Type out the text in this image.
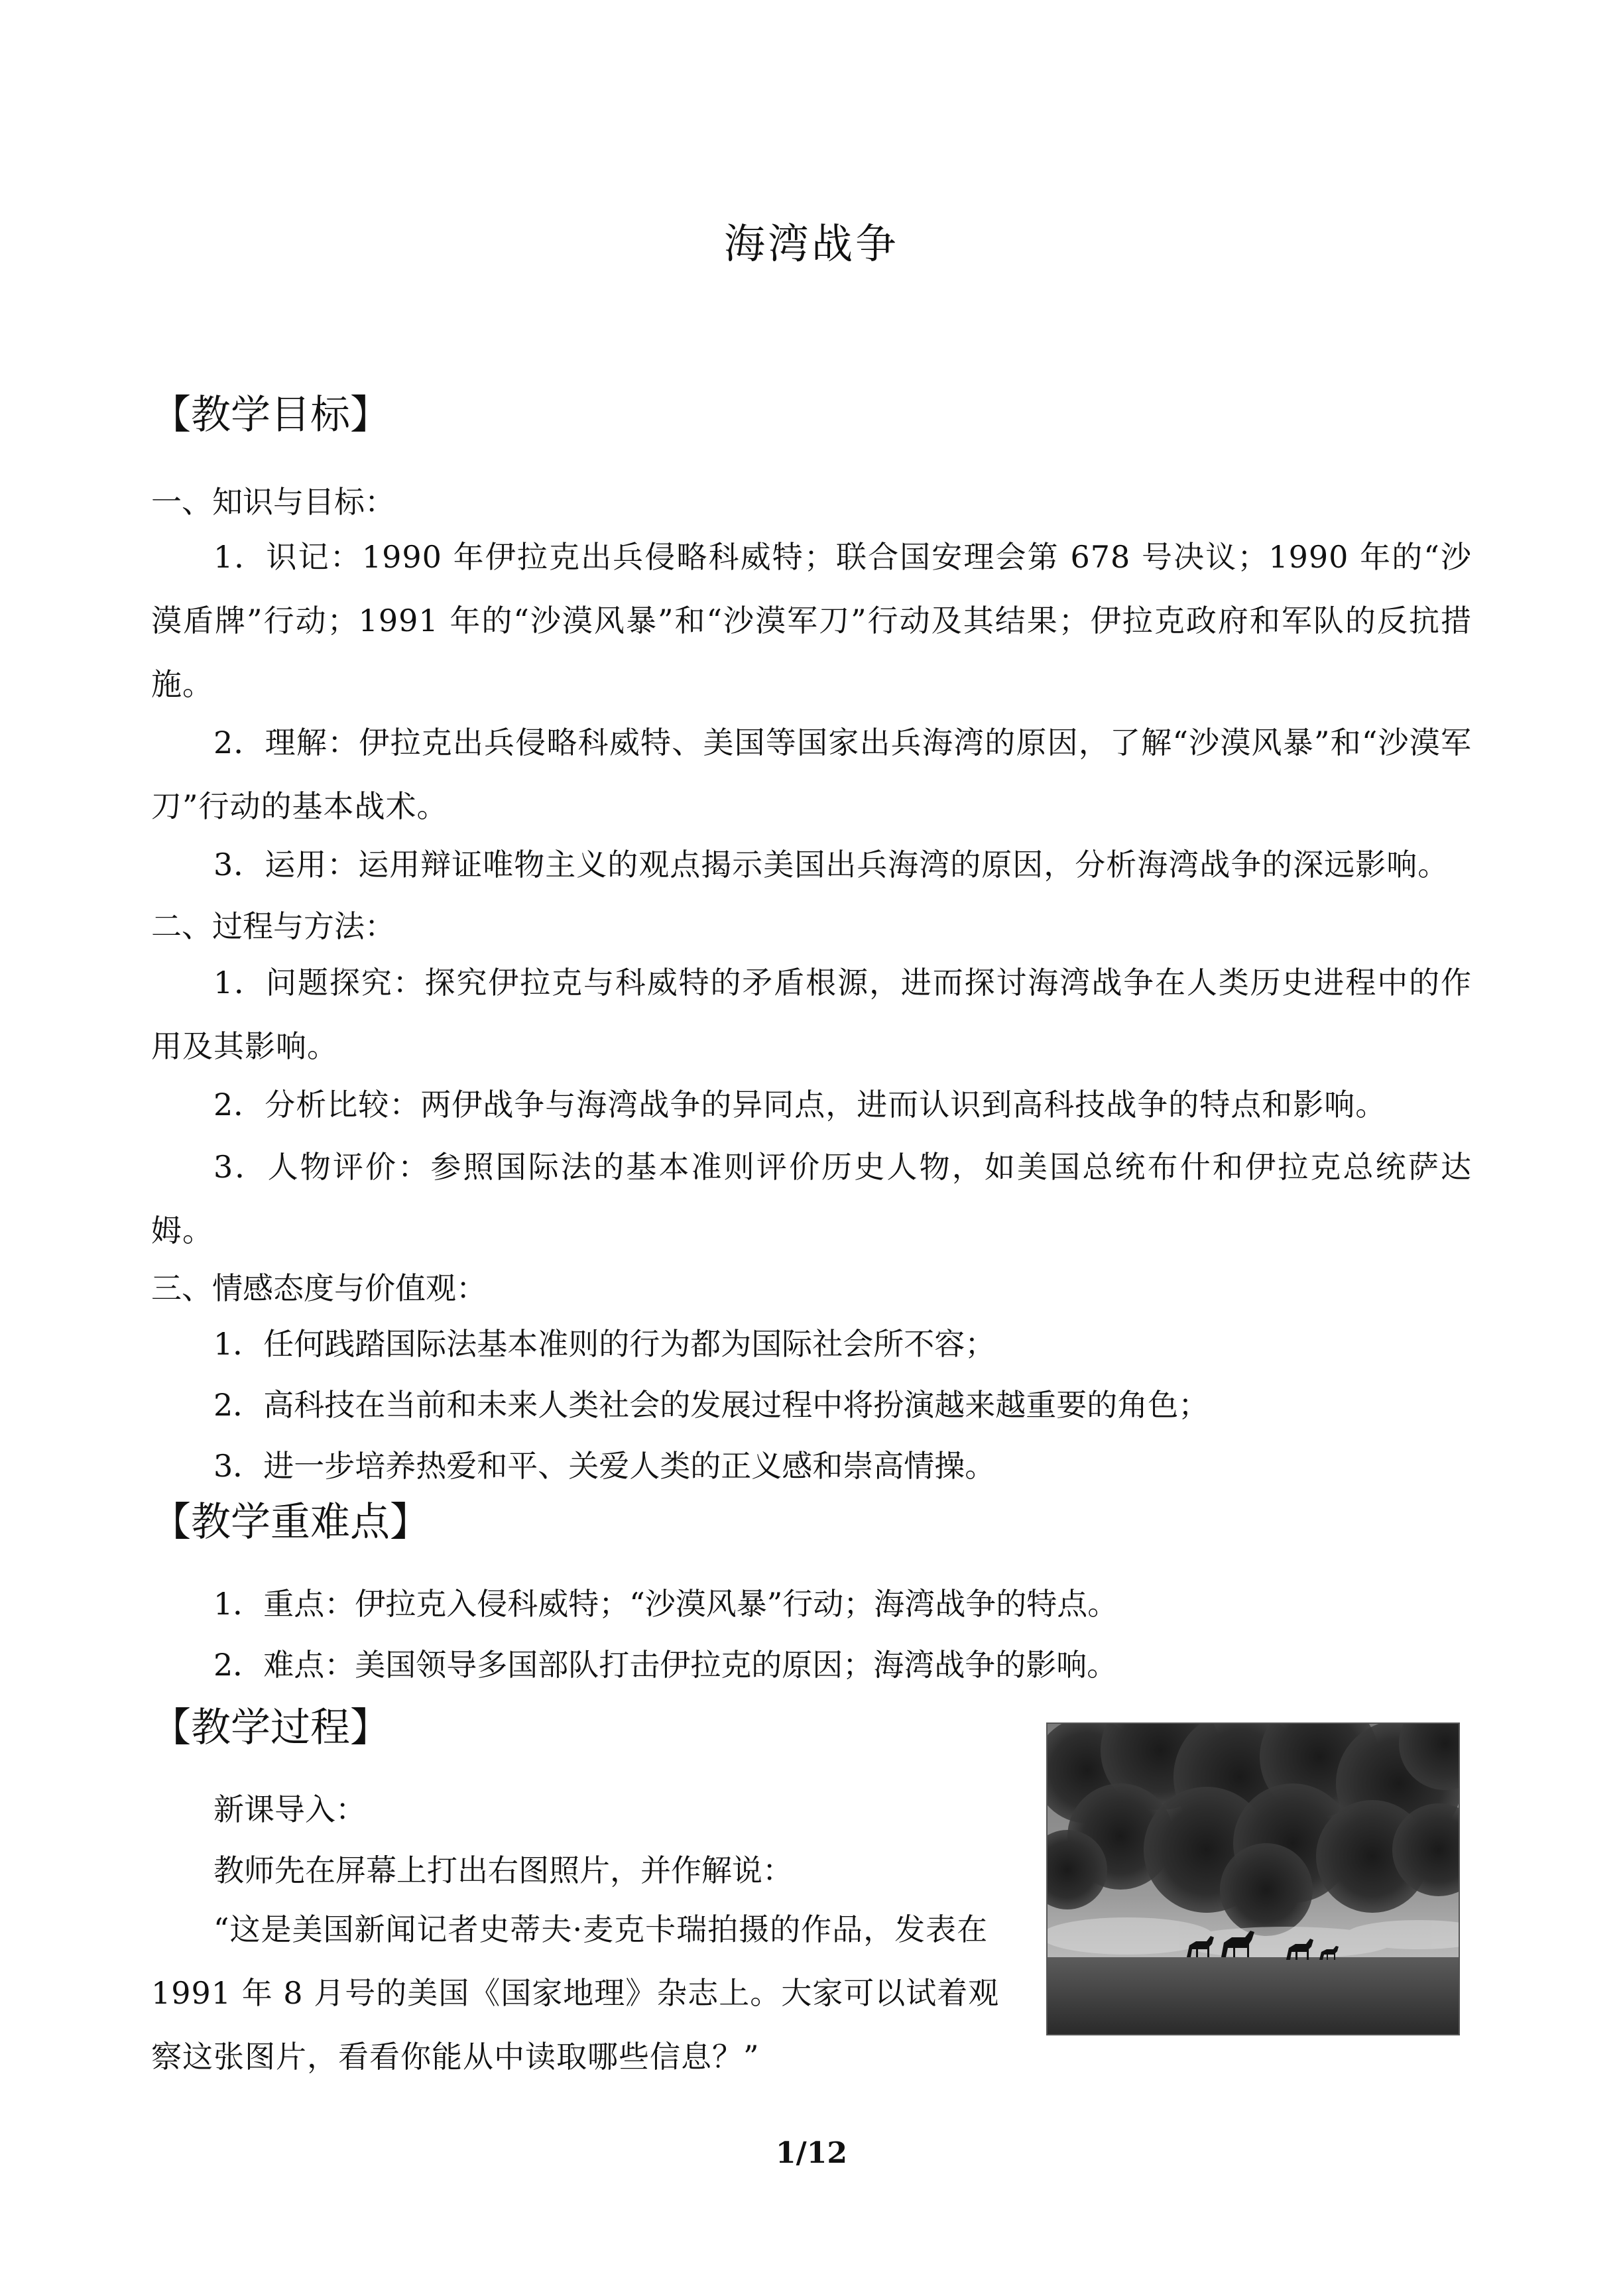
海湾战争
【教学目标】
一、知识与目标：
1．识记：1990 年伊拉克出兵侵略科威特；联合国安理会第 678 号决议；1990 年的“沙漠盾牌”行动；1991 年的“沙漠风暴”和“沙漠军刀”行动及其结果；伊拉克政府和军队的反抗措施。
2．理解：伊拉克出兵侵略科威特、美国等国家出兵海湾的原因，了解“沙漠风暴”和“沙漠军刀”行动的基本战术。
3．运用：运用辩证唯物主义的观点揭示美国出兵海湾的原因，分析海湾战争的深远影响。
二、过程与方法：
1．问题探究：探究伊拉克与科威特的矛盾根源，进而探讨海湾战争在人类历史进程中的作用及其影响。
2．分析比较：两伊战争与海湾战争的异同点，进而认识到高科技战争的特点和影响。
3．人物评价：参照国际法的基本准则评价历史人物，如美国总统布什和伊拉克总统萨达姆。
三、情感态度与价值观：
1．任何践踏国际法基本准则的行为都为国际社会所不容；
2．高科技在当前和未来人类社会的发展过程中将扮演越来越重要的角色；
3．进一步培养热爱和平、关爱人类的正义感和崇高情操。
【教学重难点】
1．重点：伊拉克入侵科威特；“沙漠风暴”行动；海湾战争的特点。
2．难点：美国领导多国部队打击伊拉克的原因；海湾战争的影响。
【教学过程】
新课导入：
教师先在屏幕上打出右图照片，并作解说：
“这是美国新闻记者史蒂夫·麦克卡瑞拍摄的作品，发表在 1991 年 8 月号的美国《国家地理》杂志上。大家可以试着观察这张图片，看看你能从中读取哪些信息？”
1/12
